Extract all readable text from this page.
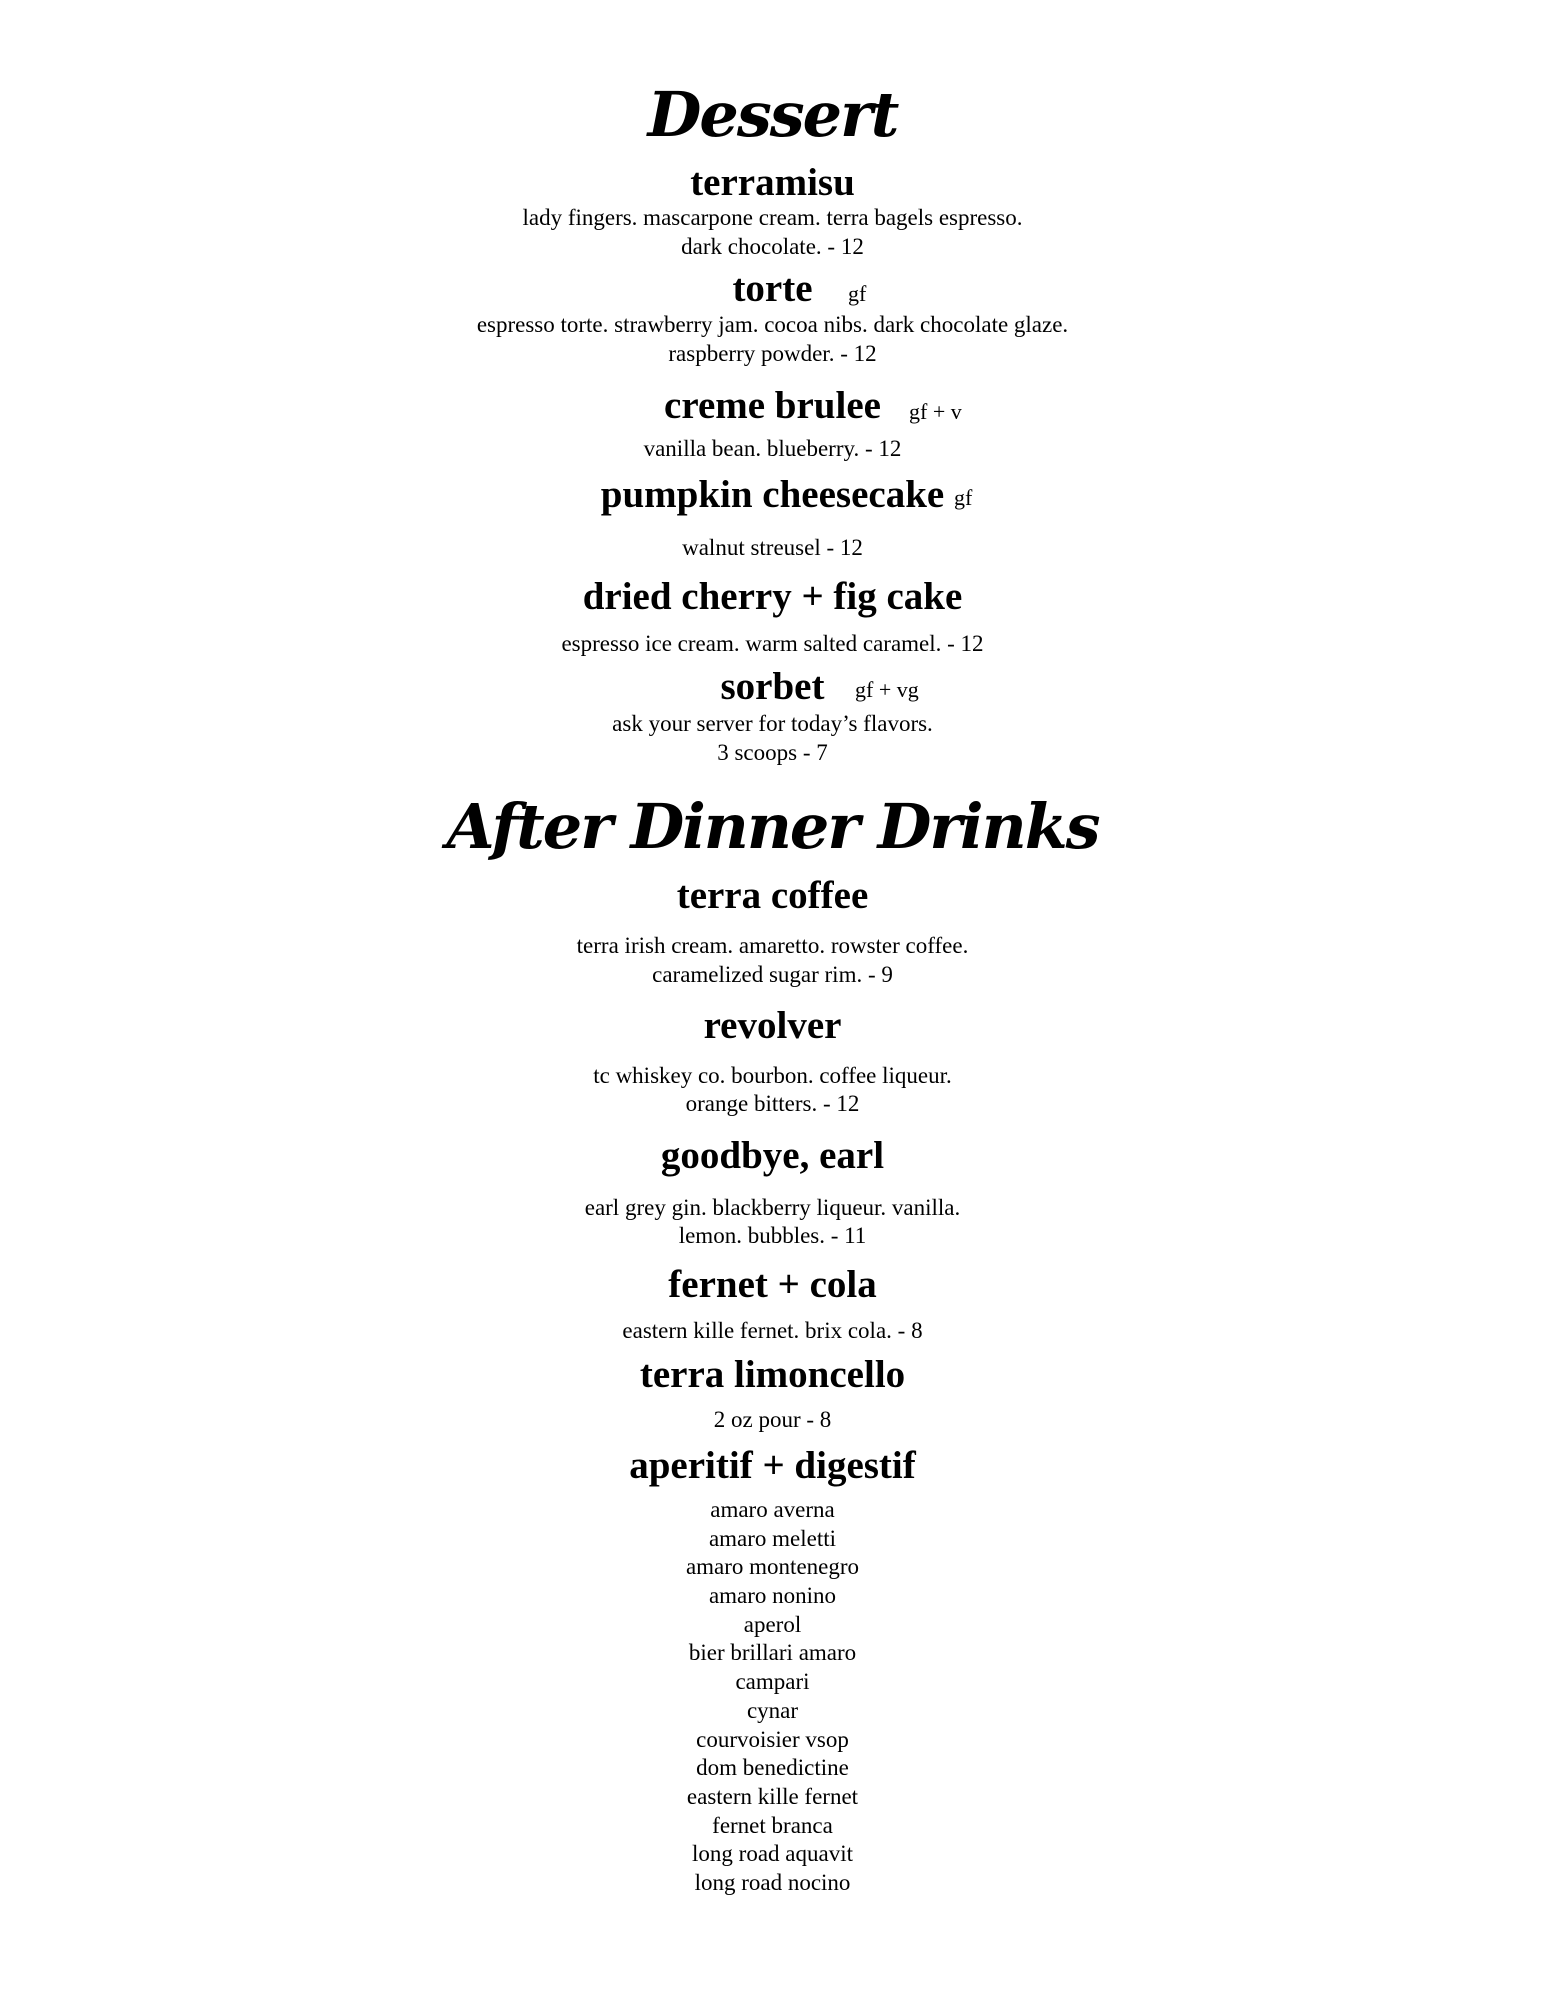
Dessert
terramisu
lady fingers. mascarpone cream. terra bagels espresso.
dark chocolate. - 12
torte	gf
espresso torte. strawberry jam. cocoa nibs. dark chocolate glaze.
raspberry powder. - 12
creme brulee	gf + v
vanilla bean. blueberry. - 12
pumpkin cheesecake gf
walnut streusel - 12
dried cherry + fig cake
espresso ice cream. warm salted caramel. - 12
sorbet	gf + vg
ask your server for today’s flavors.
3 scoops - 7
After Dinner Drinks
terra coffee
terra irish cream. amaretto. rowster coffee.
caramelized sugar rim. - 9
revolver
tc whiskey co. bourbon. coffee liqueur.
orange bitters. - 12
goodbye, earl
earl grey gin. blackberry liqueur. vanilla.
lemon. bubbles. - 11
fernet + cola
eastern kille fernet. brix cola. - 8
terra limoncello
2 oz pour - 8
aperitif + digestif
amaro averna
amaro meletti
amaro montenegro
amaro nonino
aperol
bier brillari amaro
campari
cynar
courvoisier vsop
dom benedictine
eastern kille fernet
fernet branca
long road aquavit
long road nocino
